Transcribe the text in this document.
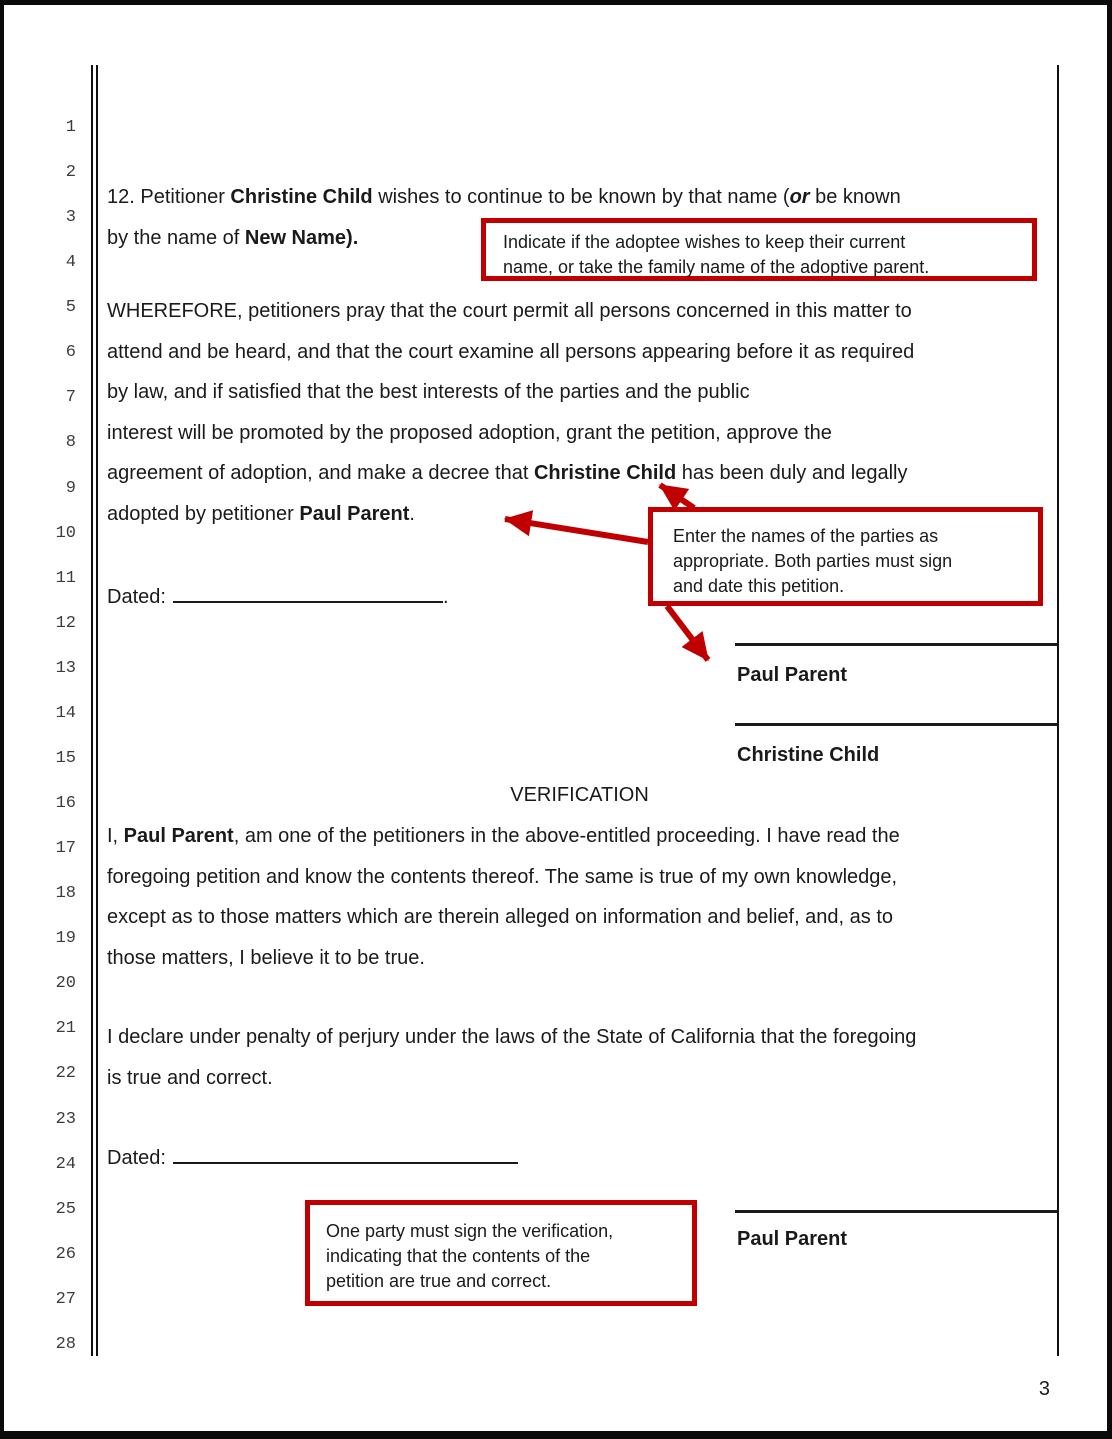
1
2
3
4
5
6
7
8
9
10
11
12
13
14
15
16
17
18
19
20
21
22
23
24
25
26
27
28
12. Petitioner Christine Child wishes to continue to be known by that name (or be known
by the name of New Name).
WHEREFORE, petitioners pray that the court permit all persons concerned in this matter to
attend and be heard, and that the court examine all persons appearing before it as required
by law, and if satisfied that the best interests of the parties and the public
interest will be promoted by the proposed adoption, grant the petition, approve the
agreement of adoption, and make a decree that Christine Child has been duly and legally
adopted by petitioner Paul Parent.
Dated:	.
Paul Parent
Christine Child
VERIFICATION
I, Paul Parent, am one of the petitioners in the above-entitled proceeding. I have read the
foregoing petition and know the contents thereof. The same is true of my own knowledge,
except as to those matters which are therein alleged on information and belief, and, as to
those matters, I believe it to be true.
I declare under penalty of perjury under the laws of the State of California that the foregoing
is true and correct.
Dated:
Paul Parent
Indicate if the adoptee wishes to keep their current
name, or take the family name of the adoptive parent.
Enter the names of the parties as
appropriate. Both parties must sign
and date this petition.
One party must sign the verification,
indicating that the contents of the
petition are true and correct.
3
